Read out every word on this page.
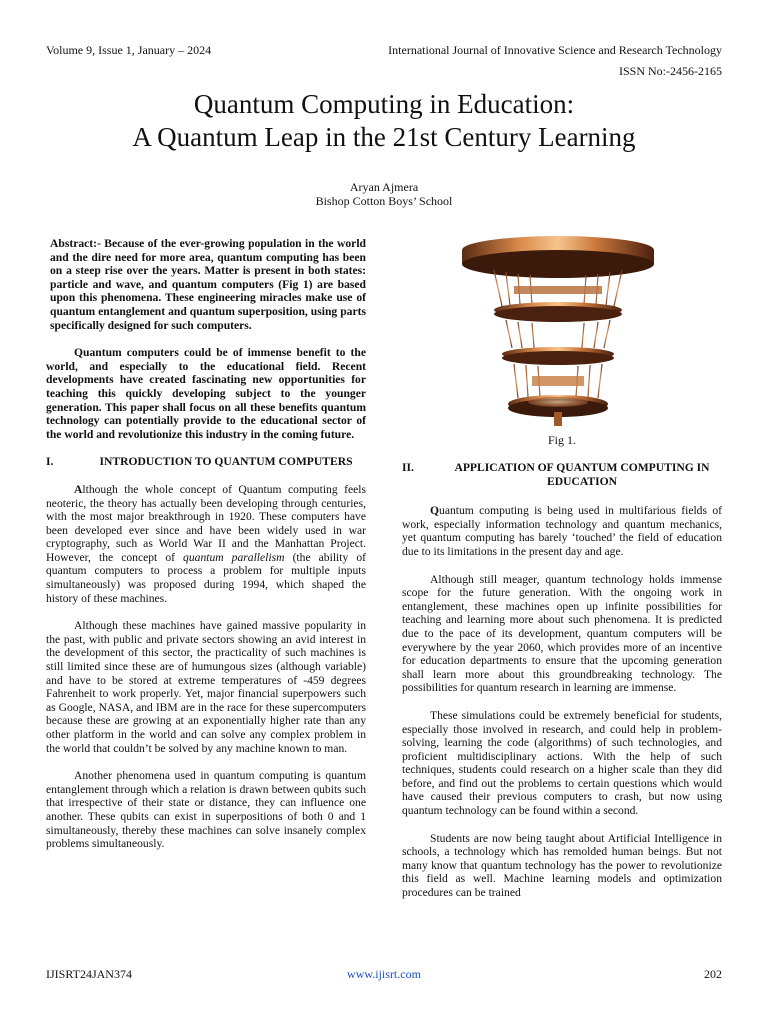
Volume 9, Issue 1, January – 2024	International Journal of Innovative Science and Research Technology
ISSN No:-2456-2165
Quantum Computing in Education:
A Quantum Leap in the 21st Century Learning
Aryan Ajmera
Bishop Cotton Boys’ School

Abstract:- Because of the ever-growing population in the world and the dire need for more area, quantum computing has been on a steep rise over the years. Matter is present in both states: particle and wave, and quantum computers (Fig 1) are based upon this phenomena. These engineering miracles make use of quantum entanglement and quantum superposition, using parts specifically designed for such computers.

Quantum computers could be of immense benefit to the world, and especially to the educational field. Recent developments have created fascinating new opportunities for teaching this quickly developing subject to the younger generation. This paper shall focus on all these benefits quantum technology can potentially provide to the educational sector of the world and revolutionize this industry in the coming future.

I.	INTRODUCTION TO QUANTUM COMPUTERS

Although the whole concept of Quantum computing feels neoteric, the theory has actually been developing through centuries, with the most major breakthrough in 1920. These computers have been developed ever since and have been widely used in war cryptography, such as World War II and the Manhattan Project. However, the concept of quantum parallelism (the ability of quantum computers to process a problem for multiple inputs simultaneously) was proposed during 1994, which shaped the history of these machines.

Although these machines have gained massive popularity in the past, with public and private sectors showing an avid interest in the development of this sector, the practicality of such machines is still limited since these are of humungous sizes (although variable) and have to be stored at extreme temperatures of -459 degrees Fahrenheit to work properly. Yet, major financial superpowers such as Google, NASA, and IBM are in the race for these supercomputers because these are growing at an exponentially higher rate than any other platform in the world and can solve any complex problem in the world that couldn’t be solved by any machine known to man.

Another phenomena used in quantum computing is quantum entanglement through which a relation is drawn between qubits such that irrespective of their state or distance, they can influence one another. These qubits can exist in superpositions of both 0 and 1 simultaneously, thereby these machines can solve insanely complex problems simultaneously.

Fig 1.
II.	APPLICATION OF QUANTUM COMPUTING IN EDUCATION

Quantum computing is being used in multifarious fields of work, especially information technology and quantum mechanics, yet quantum computing has barely ‘touched’ the field of education due to its limitations in the present day and age.

Although still meager, quantum technology holds immense scope for the future generation. With the ongoing work in entanglement, these machines open up infinite possibilities for teaching and learning more about such phenomena. It is predicted due to the pace of its development, quantum computers will be everywhere by the year 2060, which provides more of an incentive for education departments to ensure that the upcoming generation shall learn more about this groundbreaking technology. The possibilities for quantum research in learning are immense.

These simulations could be extremely beneficial for students, especially those involved in research, and could help in problem-solving, learning the code (algorithms) of such technologies, and proficient multidisciplinary actions. With the help of such techniques, students could research on a higher scale than they did before, and find out the problems to certain questions which would have caused their previous computers to crash, but now using quantum technology can be found within a second.

Students are now being taught about Artificial Intelligence in schools, a technology which has remolded human beings. But not many know that quantum technology has the power to revolutionize this field as well. Machine learning models and optimization procedures can be trained

IJISRT24JAN374	www.ijisrt.com	202
